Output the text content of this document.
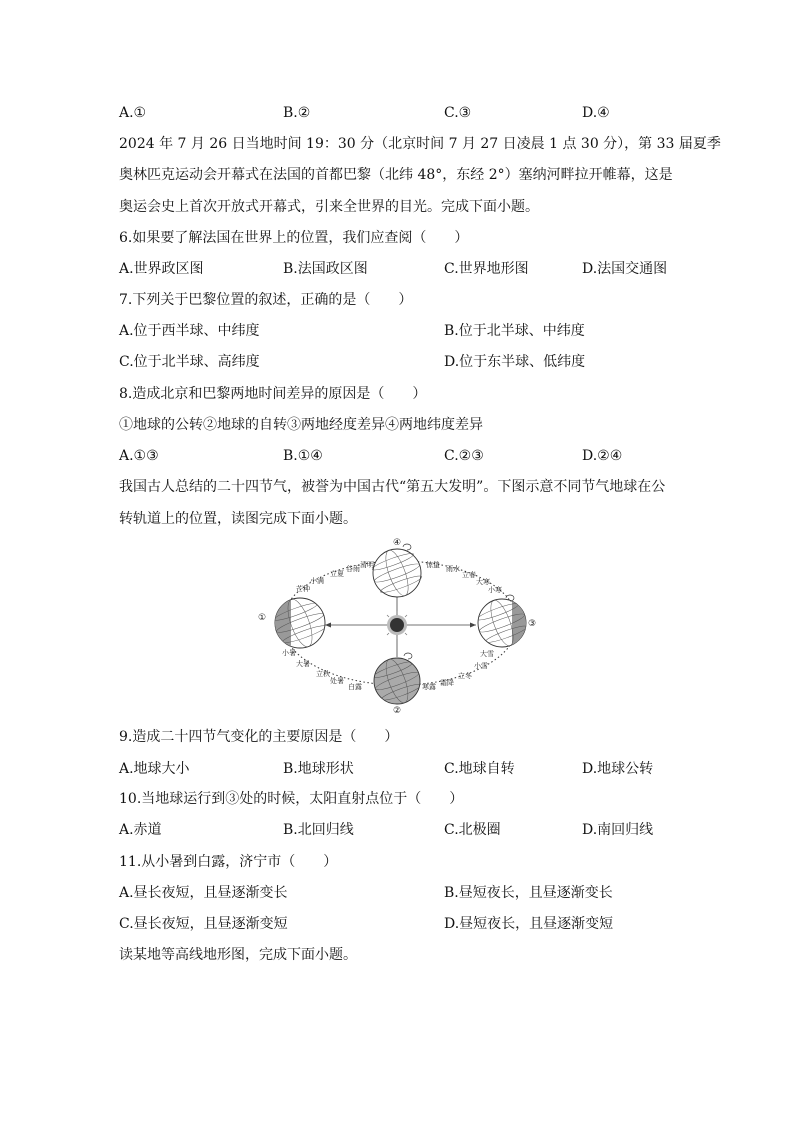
A.①	B.②	C.③	D.④
2024 年 7 月 26 日当地时间 19：30 分（北京时间 7 月 27 日凌晨 1 点 30 分），第 33 届夏季
奥林匹克运动会开幕式在法国的首都巴黎（北纬 48°，东经 2°）塞纳河畔拉开帷幕，这是
奥运会史上首次开放式开幕式，引来全世界的目光。完成下面小题。
6.如果要了解法国在世界上的位置，我们应查阅（　　）
A.世界政区图	B.法国政区图	C.世界地形图	D.法国交通图
7.下列关于巴黎位置的叙述，正确的是（　　）
A.位于西半球、中纬度	B.位于北半球、中纬度
C.位于北半球、高纬度	D.位于东半球、低纬度
8.造成北京和巴黎两地时间差异的原因是（　　）
①地球的公转②地球的自转③两地经度差异④两地纬度差异
A.①③	B.①④	C.②③	D.②④
我国古人总结的二十四节气，被誉为中国古代“第五大发明”。下图示意不同节气地球在公
转轨道上的位置，读图完成下面小题。
①
②
③
④
小满
立夏
谷雨 清明
芒种
惊蛰 雨水
立春
大寒
小寒
小暑
大暑
立秋
处暑
白露	寒露 霜降
立冬
小雪
大雪
9.造成二十四节气变化的主要原因是（　　）
A.地球大小	B.地球形状	C.地球自转	D.地球公转
10.当地球运行到③处的时候，太阳直射点位于（　　）
A.赤道	B.北回归线	C.北极圈	D.南回归线
11.从小暑到白露，济宁市（　　）
A.昼长夜短，且昼逐渐变长	B.昼短夜长，且昼逐渐变长
C.昼长夜短，且昼逐渐变短	D.昼短夜长，且昼逐渐变短
读某地等高线地形图，完成下面小题。
